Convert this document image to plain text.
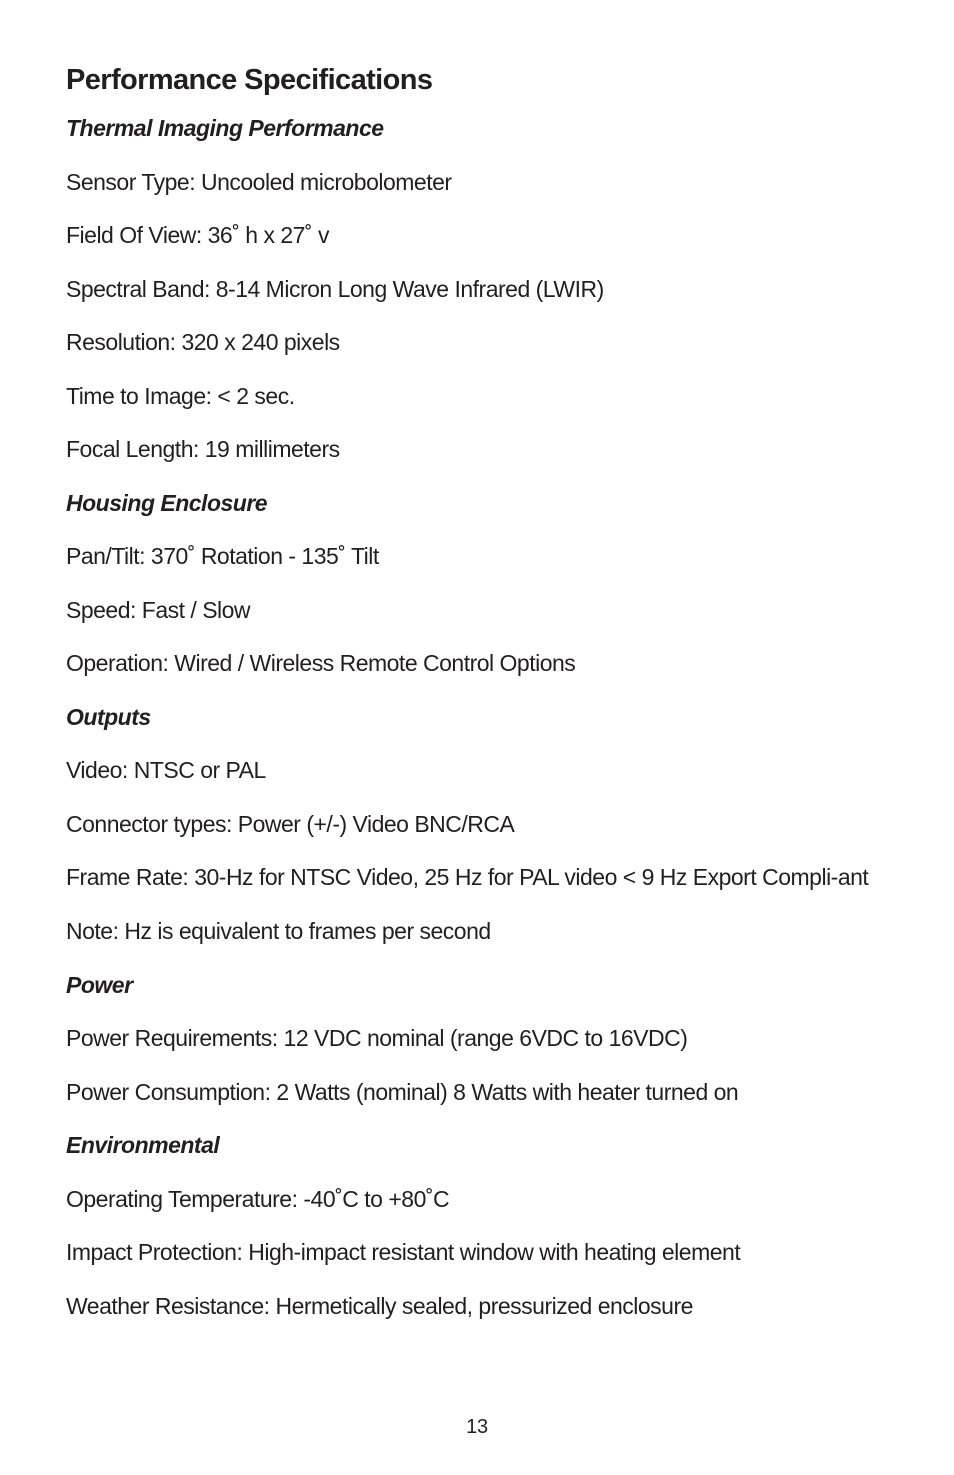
Performance Specifications
Thermal Imaging Performance

Sensor Type: Uncooled microbolometer

Field Of View: 36˚ h x 27˚ v

Spectral Band: 8-14 Micron Long Wave Infrared (LWIR)

Resolution: 320 x 240 pixels

Time to Image: < 2 sec.

Focal Length: 19 millimeters

Housing Enclosure

Pan/Tilt: 370˚ Rotation - 135˚ Tilt

Speed: Fast / Slow

Operation: Wired / Wireless Remote Control Options

Outputs

Video: NTSC or PAL

Connector types: Power (+/-) Video BNC/RCA

Frame Rate: 30-Hz for NTSC Video, 25 Hz for PAL video < 9 Hz Export Compli-ant

Note: Hz is equivalent to frames per second

Power

Power Requirements: 12 VDC nominal (range 6VDC to 16VDC)

Power Consumption: 2 Watts (nominal) 8 Watts with heater turned on

Environmental

Operating Temperature: -40˚C to +80˚C

Impact Protection: High-impact resistant window with heating element

Weather Resistance: Hermetically sealed, pressurized enclosure

13
